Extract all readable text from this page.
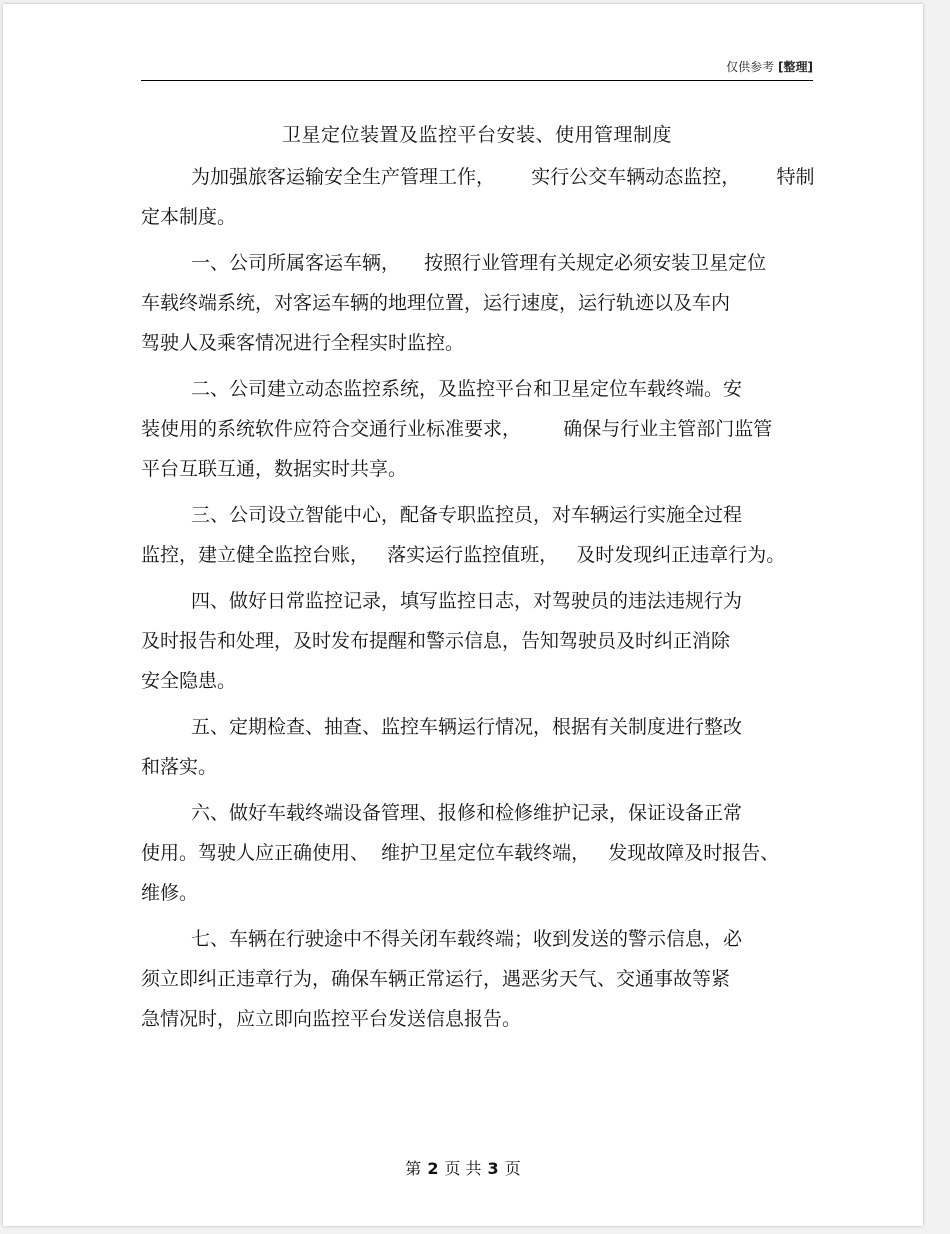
仅供参考 [整理]
卫星定位装置及监控平台安装、使用管理制度
为加强旅客运输安全生产管理工作，      实行公交车辆动态监控，      特制
定本制度。
一、公司所属客运车辆，    按照行业管理有关规定必须安装卫星定位
车载终端系统，对客运车辆的地理位置，运行速度，运行轨迹以及车内
驾驶人及乘客情况进行全程实时监控。
二、公司建立动态监控系统，及监控平台和卫星定位车载终端。安
装使用的系统软件应符合交通行业标准要求，       确保与行业主管部门监管
平台互联互通，数据实时共享。
三、公司设立智能中心，配备专职监控员，对车辆运行实施全过程
监控，建立健全监控台账，   落实运行监控值班，   及时发现纠正违章行为。
四、做好日常监控记录，填写监控日志，对驾驶员的违法违规行为
及时报告和处理，及时发布提醒和警示信息，告知驾驶员及时纠正消除
安全隐患。
五、定期检查、抽查、监控车辆运行情况，根据有关制度进行整改
和落实。
六、做好车载终端设备管理、报修和检修维护记录，保证设备正常
使用。驾驶人应正确使用、  维护卫星定位车载终端，   发现故障及时报告、
维修。
七、车辆在行驶途中不得关闭车载终端；收到发送的警示信息，必
须立即纠正违章行为，确保车辆正常运行，遇恶劣天气、交通事故等紧
急情况时，应立即向监控平台发送信息报告。
第 2 页 共 3 页
